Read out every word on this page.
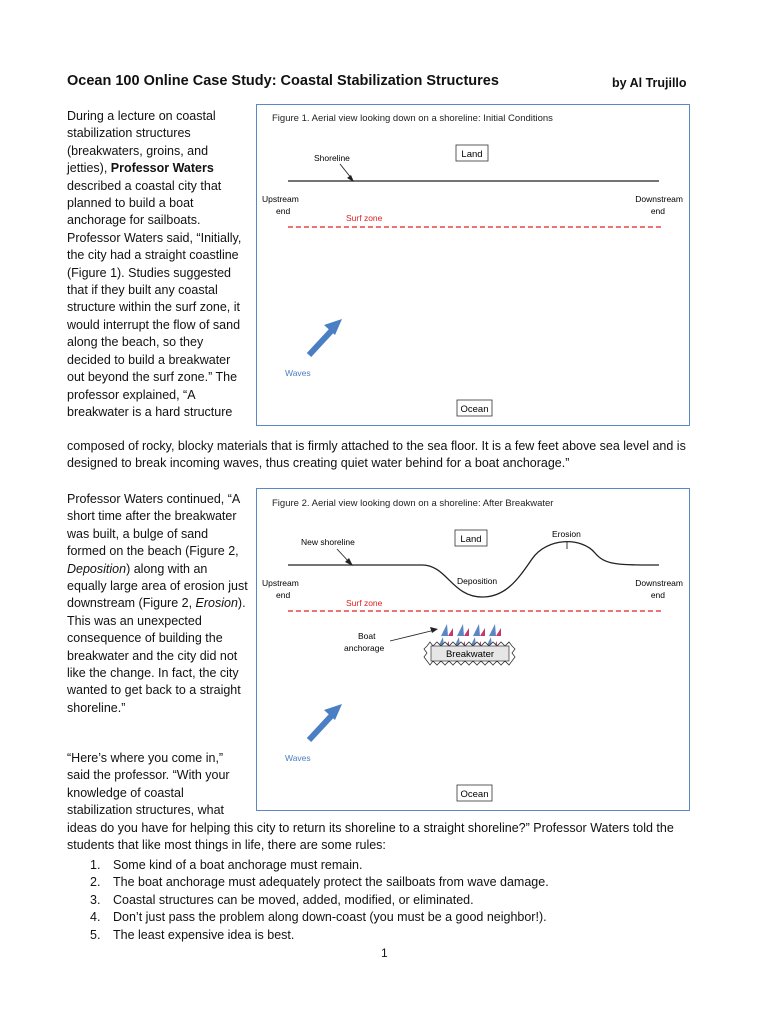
Ocean 100 Online Case Study: Coastal Stabilization Structures	by Al Trujillo
During a lecture on coastal stabilization structures (breakwaters, groins, and jetties), Professor Waters described a coastal city that planned to build a boat anchorage for sailboats. Professor Waters said, “Initially, the city had a straight coastline (Figure 1). Studies suggested that if they built any coastal structure within the surf zone, it would interrupt the flow of sand along the beach, so they decided to build a breakwater out beyond the surf zone.” The professor explained, “A breakwater is a hard structure
composed of rocky, blocky materials that is firmly attached to the sea floor. It is a few feet above sea level and is designed to break incoming waves, thus creating quiet water behind for a boat anchorage.”
Figure 1. Aerial view looking down on a shoreline: Initial Conditions
Land
Shoreline
Upstream
end
Downstream
end
Surf zone
Waves
Ocean
Professor Waters continued, “A short time after the breakwater was built, a bulge of sand formed on the beach (Figure 2, Deposition) along with an equally large area of erosion just downstream (Figure 2, Erosion). This was an unexpected consequence of building the breakwater and the city did not like the change. In fact, the city wanted to get back to a straight shoreline.”
Figure 2. Aerial view looking down on a shoreline: After Breakwater
Land
New shoreline
Erosion
Deposition
Upstream
end
Downstream
end
Surf zone
Boat
anchorage
Breakwater
Waves
Ocean
“Here’s where you come in,” said the professor. “With your knowledge of coastal stabilization structures, what
ideas do you have for helping this city to return its shoreline to a straight shoreline?” Professor Waters told the students that like most things in life, there are some rules:
1.	Some kind of a boat anchorage must remain.
2.	The boat anchorage must adequately protect the sailboats from wave damage.
3.	Coastal structures can be moved, added, modified, or eliminated.
4.	Don’t just pass the problem along down-coast (you must be a good neighbor!).
5.	The least expensive idea is best.
1
